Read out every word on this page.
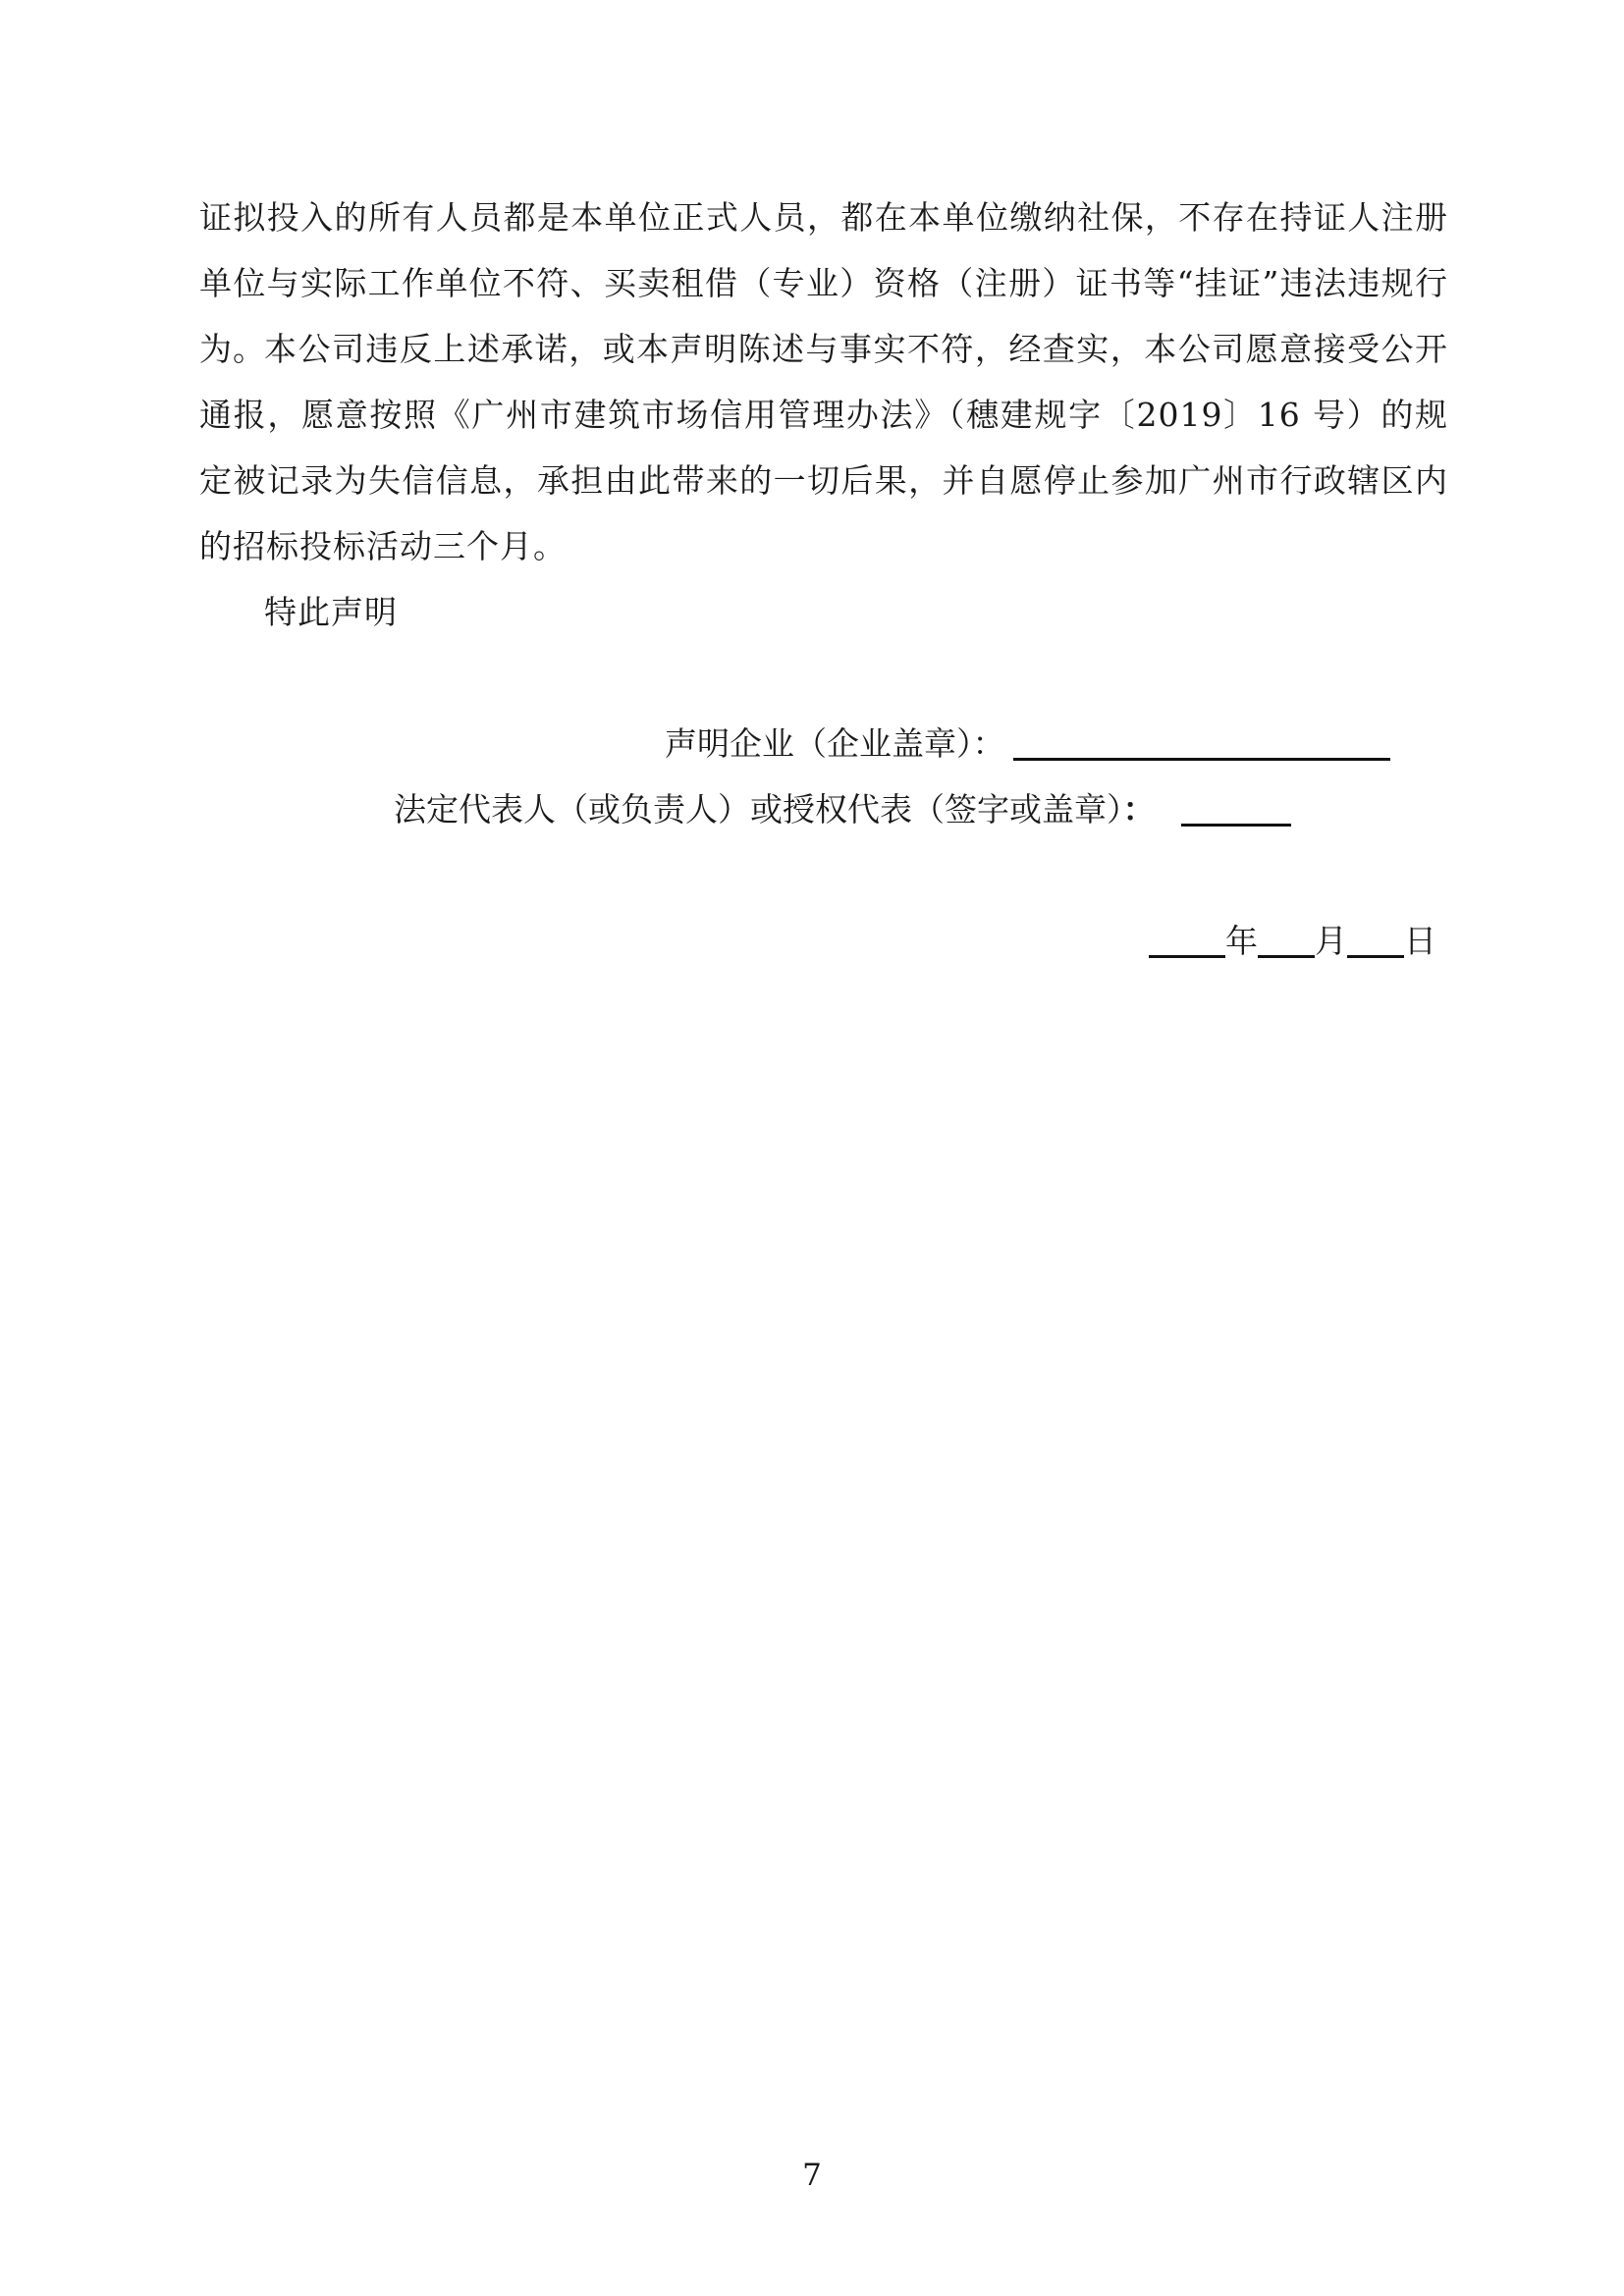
证拟投入的所有人员都是本单位正式人员，都在本单位缴纳社保，不存在持证人注册单位与实际工作单位不符、买卖租借（专业）资格（注册）证书等“挂证”违法违规行为。

本公司违反上述承诺，或本声明陈述与事实不符，经查实，本公司愿意接受公开通报，愿意按照《广州市建筑市场信用管理办法》（穗建规字〔2019〕16 号）的规定被记录为失信信息，承担由此带来的一切后果，并自愿停止参加广州市行政辖区内的招标投标活动三个月。

特此声明

声明企业（企业盖章）：
法定代表人（或负责人）或授权代表（签字或盖章）：
年 月 日
7
